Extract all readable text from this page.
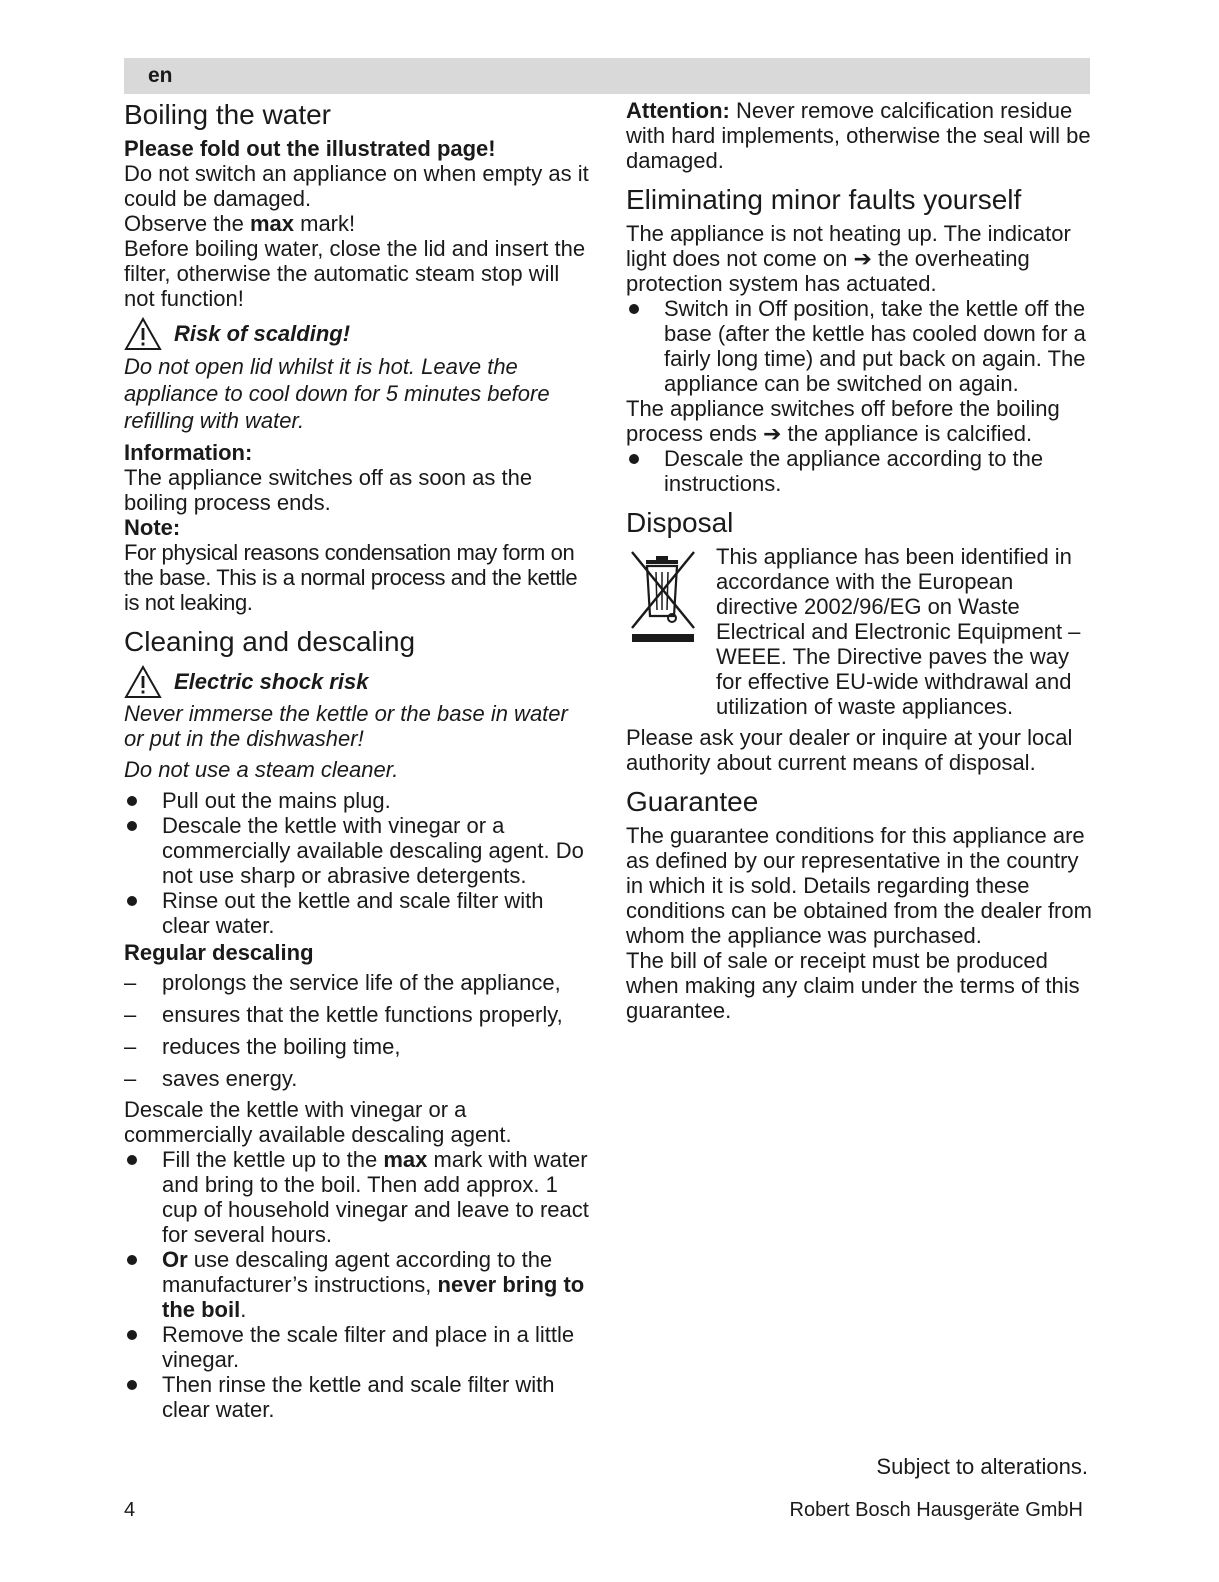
en
Boiling the water

Please fold out the illustrated page!

Do not switch an appliance on when empty as it could be damaged.

Observe the max mark!

Before boiling water, close the lid and insert the filter, otherwise the automatic steam stop will not function!

Risk of scalding!

Do not open lid whilst it is hot. Leave the appliance to cool down for 5 minutes before refilling with water.

Information:

The appliance switches off as soon as the boiling process ends.

Note:

For physical reasons condensation may form on the base. This is a normal process and the kettle is not leaking.

Cleaning and descaling
Electric shock risk

Never immerse the kettle or the base in water or put in the dishwasher!

Do not use a steam cleaner.

Pull out the mains plug.
Descale the kettle with vinegar or a commercially available descaling agent. Do not use sharp or abrasive detergents.
Rinse out the kettle and scale filter with clear water.

Regular descaling

– prolongs the service life of the appliance,
– ensures that the kettle functions properly,
– reduces the boiling time,
– saves energy.

Descale the kettle with vinegar or a commercially available descaling agent.

Fill the kettle up to the max mark with water and bring to the boil. Then add approx. 1 cup of household vinegar and leave to react for several hours.
Or use descaling agent according to the manufacturer’s instructions, never bring to the boil.
Remove the scale filter and place in a little vinegar.
Then rinse the kettle and scale filter with clear water.

Attention: Never remove calcification residue with hard implements, otherwise the seal will be damaged.

Eliminating minor faults yourself

The appliance is not heating up. The indicator light does not come on ➔ the overheating protection system has actuated.

Switch in Off position, take the kettle off the base (after the kettle has cooled down for a fairly long time) and put back on again. The appliance can be switched on again.

The appliance switches off before the boiling process ends ➔ the appliance is calcified.

Descale the appliance according to the instructions.
Disposal

This appliance has been identified in accordance with the European directive 2002/96/EG on Waste Electrical and Electronic Equipment – WEEE. The Directive paves the way for effective EU-wide withdrawal and utilization of waste appliances.

Please ask your dealer or inquire at your local authority about current means of disposal.

Guarantee

The guarantee conditions for this appliance are as defined by our representative in the country in which it is sold. Details regarding these conditions can be obtained from the dealer from whom the appliance was purchased.

The bill of sale or receipt must be produced when making any claim under the terms of this guarantee.

Subject to alterations.
4	Robert Bosch Hausgeräte GmbH
